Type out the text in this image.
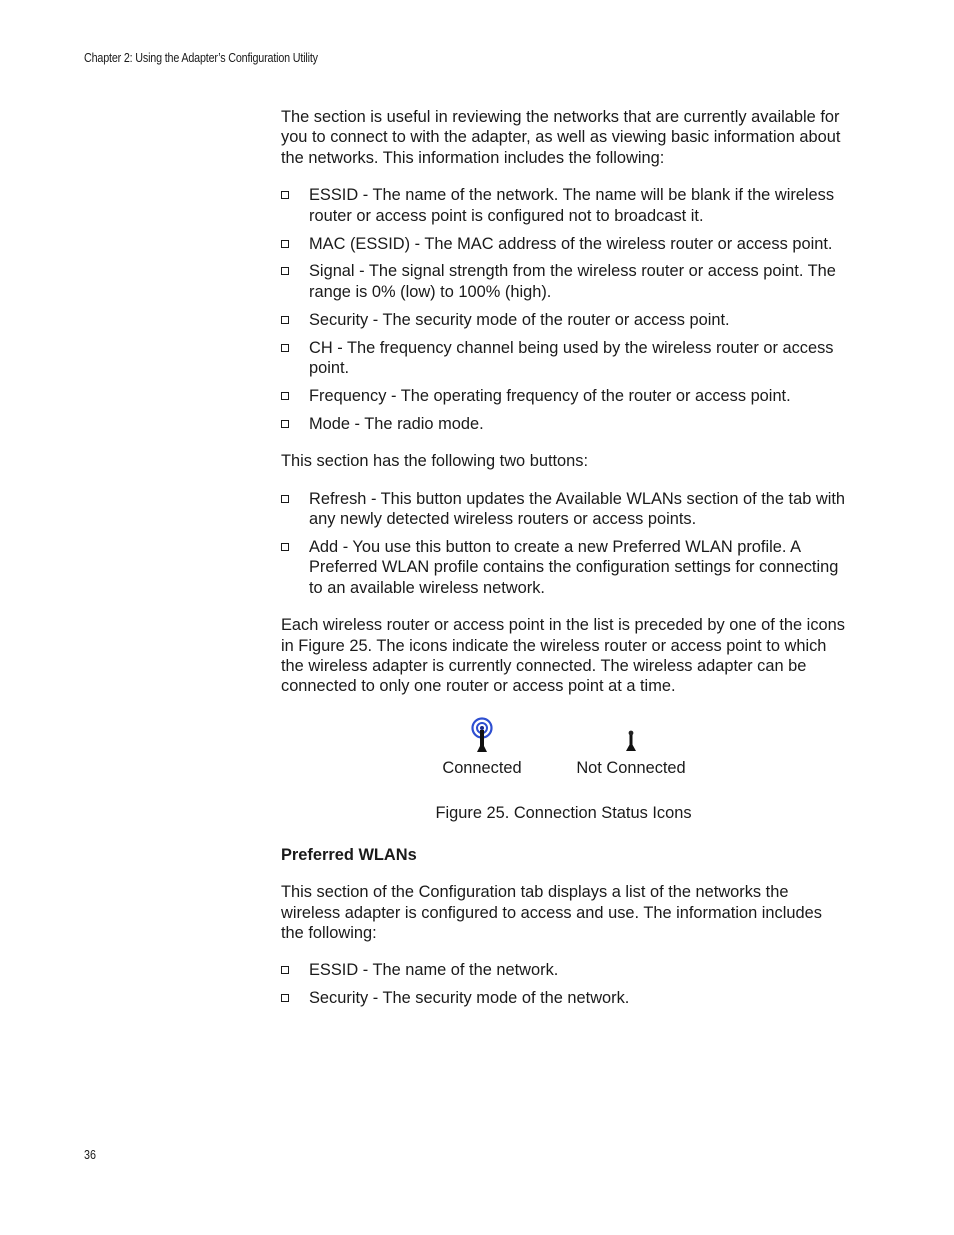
Chapter 2: Using the Adapter’s Configuration Utility

The section is useful in reviewing the networks that are currently available for you to connect to with the adapter, as well as viewing basic information about the networks. This information includes the following:

ESSID - The name of the network. The name will be blank if the wireless router or access point is configured not to broadcast it.
MAC (ESSID) - The MAC address of the wireless router or access point.
Signal - The signal strength from the wireless router or access point. The range is 0% (low) to 100% (high).
Security - The security mode of the router or access point.
CH - The frequency channel being used by the wireless router or access point.
Frequency - The operating frequency of the router or access point.
Mode - The radio mode.

This section has the following two buttons:

Refresh - This button updates the Available WLANs section of the tab with any newly detected wireless routers or access points.
Add - You use this button to create a new Preferred WLAN profile. A Preferred WLAN profile contains the configuration settings for connecting to an available wireless network.

Each wireless router or access point in the list is preceded by one of the icons in Figure 25. The icons indicate the wireless router or access point to which the wireless adapter is currently connected. The wireless adapter can be connected to only one router or access point at a time.

Connected	Not Connected
Figure 25. Connection Status Icons

Preferred WLANs

This section of the Configuration tab displays a list of the networks the wireless adapter is configured to access and use. The information includes the following:

ESSID - The name of the network.
Security - The security mode of the network.
36
